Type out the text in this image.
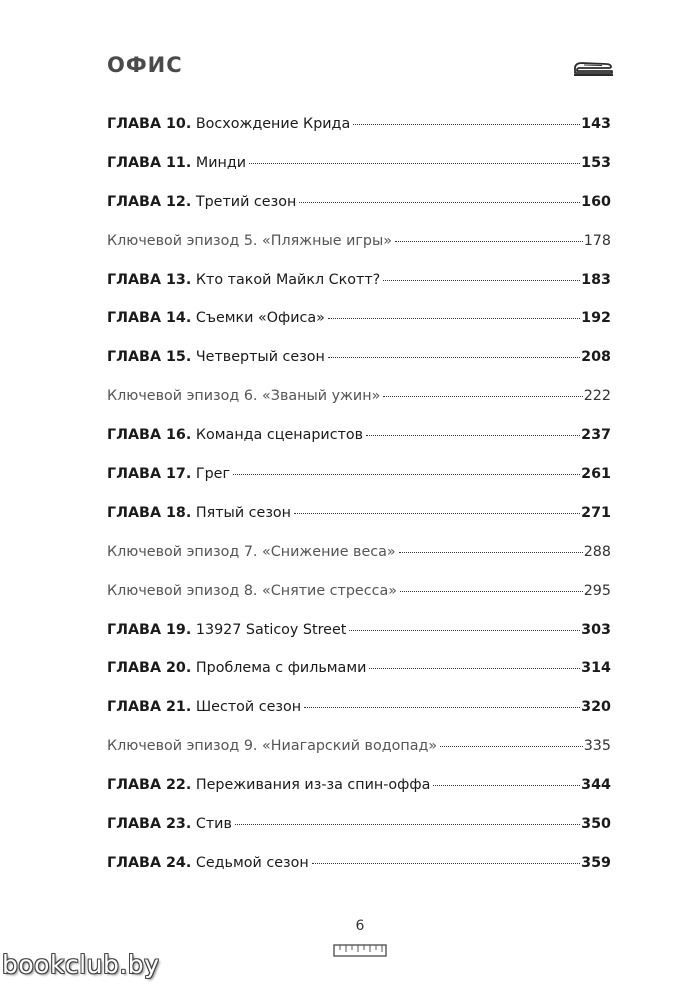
ОФИС
ГЛАВА 10. Восхождение Крида	143
ГЛАВА 11. Минди	153
ГЛАВА 12. Третий сезон	160
Ключевой эпизод 5. «Пляжные игры»	178
ГЛАВА 13. Кто такой Майкл Скотт?	183
ГЛАВА 14. Съемки «Офиса»	192
ГЛАВА 15. Четвертый сезон	208
Ключевой эпизод 6. «Званый ужин»	222
ГЛАВА 16. Команда сценаристов	237
ГЛАВА 17. Грег	261
ГЛАВА 18. Пятый сезон	271
Ключевой эпизод 7. «Снижение веса»	288
Ключевой эпизод 8. «Снятие стресса»	295
ГЛАВА 19. 13927 Saticoy Street	303
ГЛАВА 20. Проблема с фильмами	314
ГЛАВА 21. Шестой сезон	320
Ключевой эпизод 9. «Ниагарский водопад»	335
ГЛАВА 22. Переживания из-за спин-оффа	344
ГЛАВА 23. Стив	350
ГЛАВА 24. Седьмой сезон	359
6
bookclub.by
